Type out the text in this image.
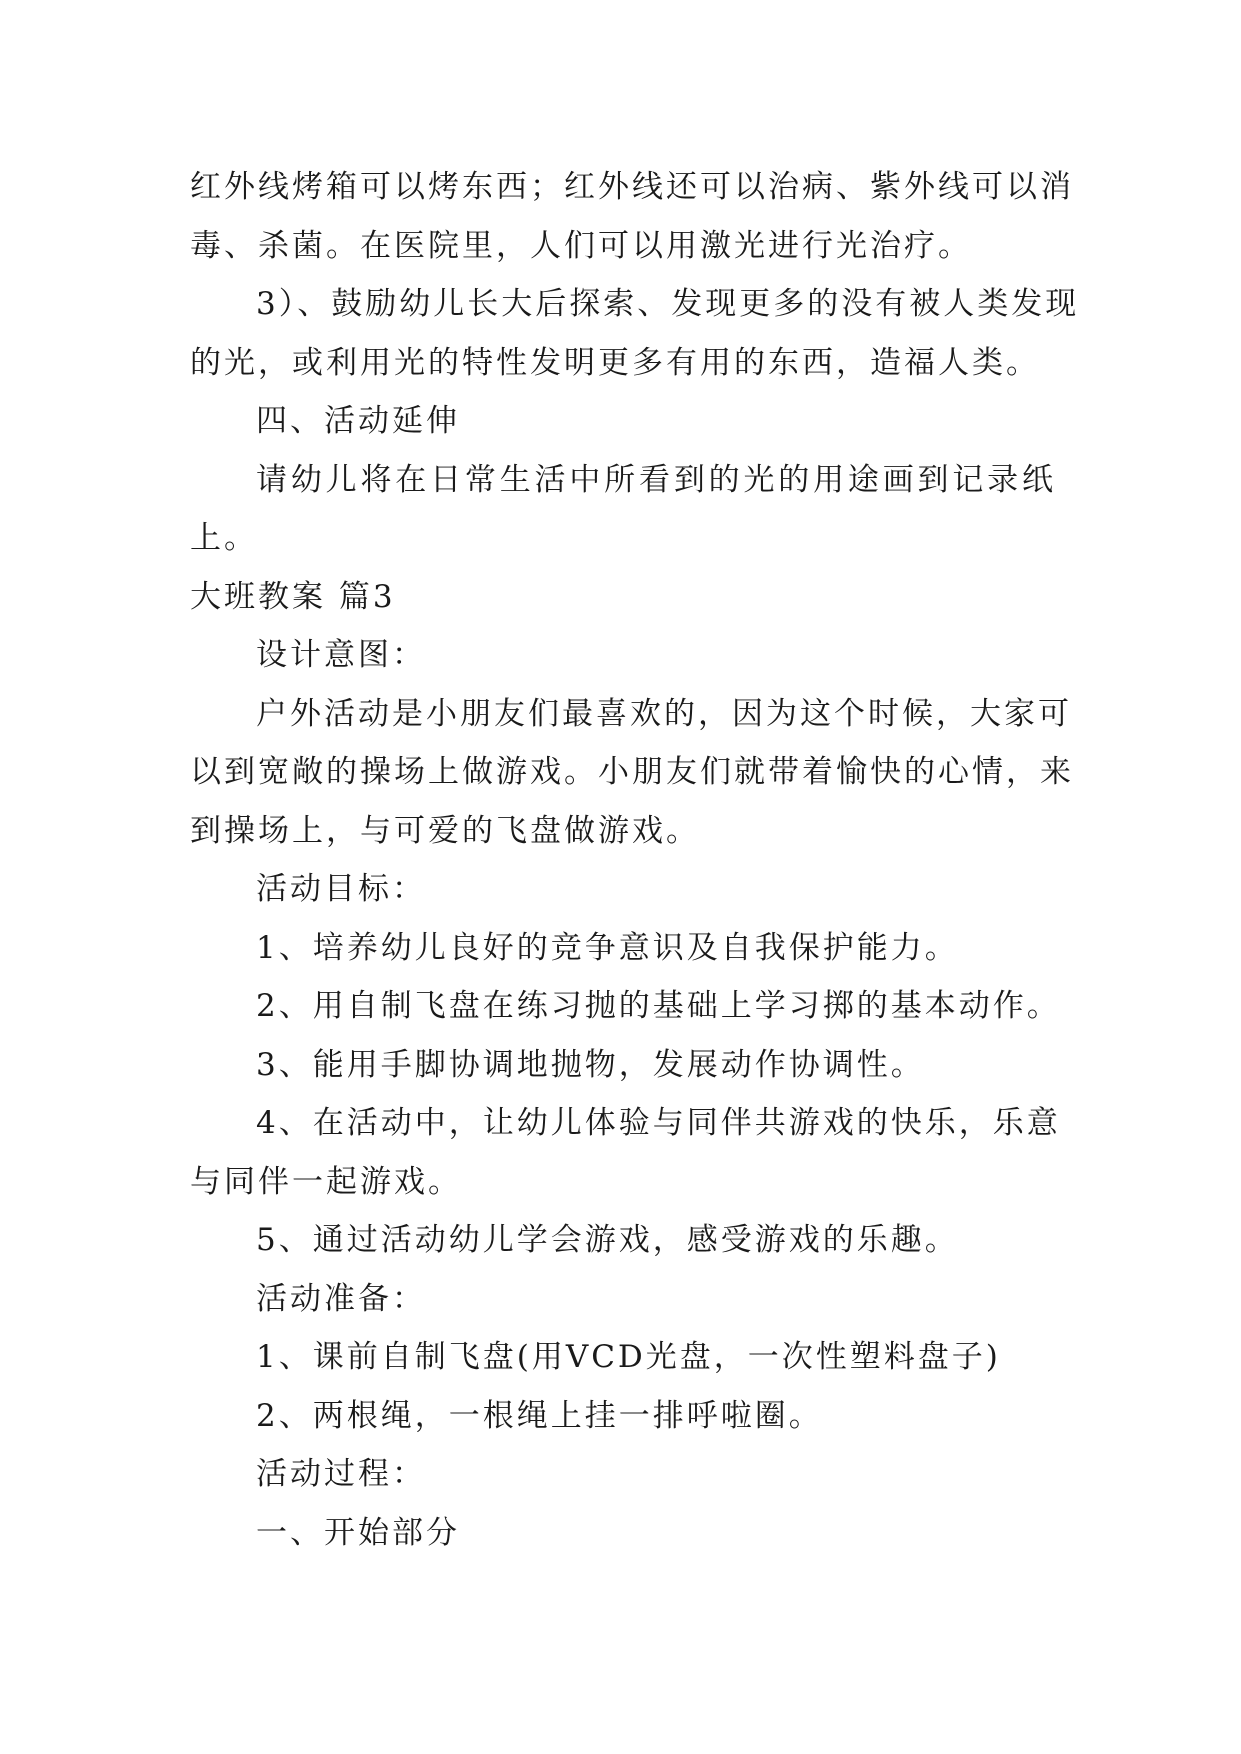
红外线烤箱可以烤东西；红外线还可以治病、紫外线可以消

毒、杀菌。在医院里，人们可以用激光进行光治疗。

3）、鼓励幼儿长大后探索、发现更多的没有被人类发现

的光，或利用光的特性发明更多有用的东西，造福人类。

四、活动延伸

请幼儿将在日常生活中所看到的光的用途画到记录纸

上。

大班教案 篇3

设计意图：

户外活动是小朋友们最喜欢的，因为这个时候，大家可

以到宽敞的操场上做游戏。小朋友们就带着愉快的心情，来

到操场上，与可爱的飞盘做游戏。

活动目标：

1、培养幼儿良好的竞争意识及自我保护能力。

2、用自制飞盘在练习抛的基础上学习掷的基本动作。

3、能用手脚协调地抛物，发展动作协调性。

4、在活动中，让幼儿体验与同伴共游戏的快乐，乐意

与同伴一起游戏。

5、通过活动幼儿学会游戏，感受游戏的乐趣。

活动准备：

1、课前自制飞盘(用VCD光盘，一次性塑料盘子)

2、两根绳，一根绳上挂一排呼啦圈。

活动过程：

一、开始部分
